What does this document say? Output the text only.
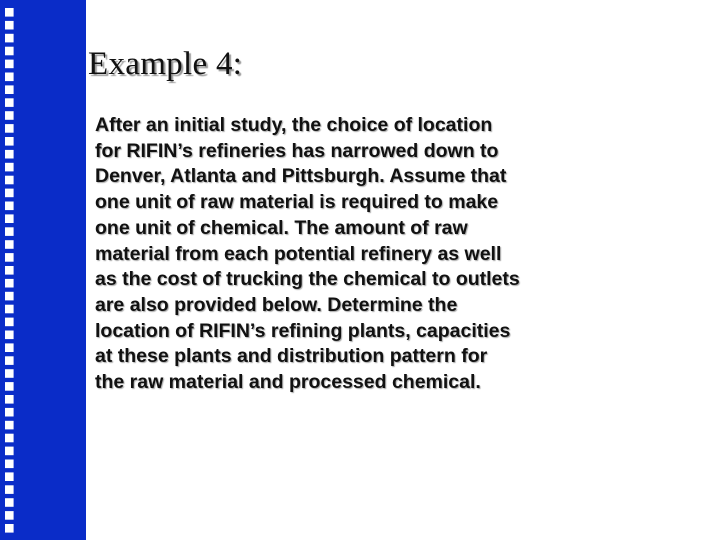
Example 4:

After an initial study, the choice of location
for RIFIN’s refineries has narrowed down to
Denver, Atlanta and Pittsburgh. Assume that
one unit of raw material is required to make
one unit of chemical. The amount of raw
material from each potential refinery as well
as the cost of trucking the chemical to outlets
are also provided below. Determine the
location of RIFIN’s refining plants, capacities
at these plants and distribution pattern for
the raw material and processed chemical.
